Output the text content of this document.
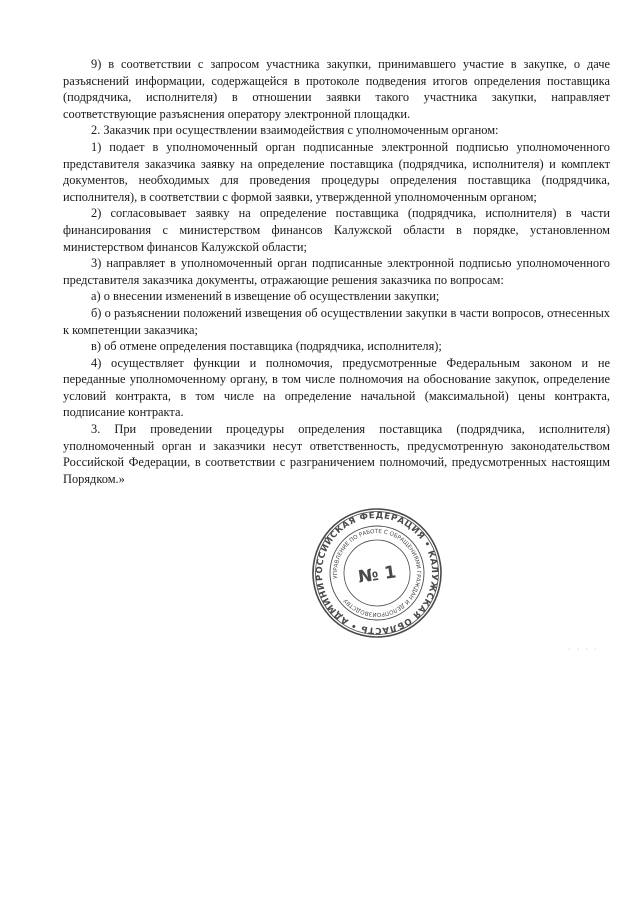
9) в соответствии с запросом участника закупки, принимавшего участие в закупке, о даче разъяснений информации, содержащейся в протоколе подведения итогов определения поставщика (подрядчика, исполнителя) в отношении заявки такого участника закупки, направляет соответствующие разъяснения оператору электронной площадки.

2. Заказчик при осуществлении взаимодействия с уполномоченным органом:

1) подает в уполномоченный орган подписанные электронной подписью уполномоченного представителя заказчика заявку на определение поставщика (подрядчика, исполнителя) и комплект документов, необходимых для проведения процедуры определения поставщика (подрядчика, исполнителя), в соответствии с формой заявки, утвержденной уполномоченным органом;

2) согласовывает заявку на определение поставщика (подрядчика, исполнителя) в части финансирования с министерством финансов Калужской области в порядке, установленном министерством финансов Калужской области;

3) направляет в уполномоченный орган подписанные электронной подписью уполномоченного представителя заказчика документы, отражающие решения заказчика по вопросам:

а) о внесении изменений в извещение об осуществлении закупки;

б) о разъяснении положений извещения об осуществлении закупки в части вопросов, отнесенных к компетенции заказчика;

в) об отмене определения поставщика (подрядчика, исполнителя);

4) осуществляет функции и полномочия, предусмотренные Федеральным законом и не переданные уполномоченному органу, в том числе полномочия на обоснование закупок, определение условий контракта, в том числе на определение начальной (максимальной) цены контракта, подписание контракта.

3. При проведении процедуры определения поставщика (подрядчика, исполнителя) уполномоченный орган и заказчики несут ответственность, предусмотренную законодательством Российской Федерации, в соответствии с разграничением полномочий, предусмотренных настоящим Порядком.»

РОССИЙСКАЯ ФЕДЕРАЦИЯ • КАЛУЖСКАЯ ОБЛАСТЬ • АДМИНИСТРАЦИЯ
УПРАВЛЕНИЕ ПО РАБОТЕ С ОБРАЩЕНИЯМИ ГРАЖДАН И ДЕЛОПРОИЗВОДСТВУ
№ 1
· · · ·
